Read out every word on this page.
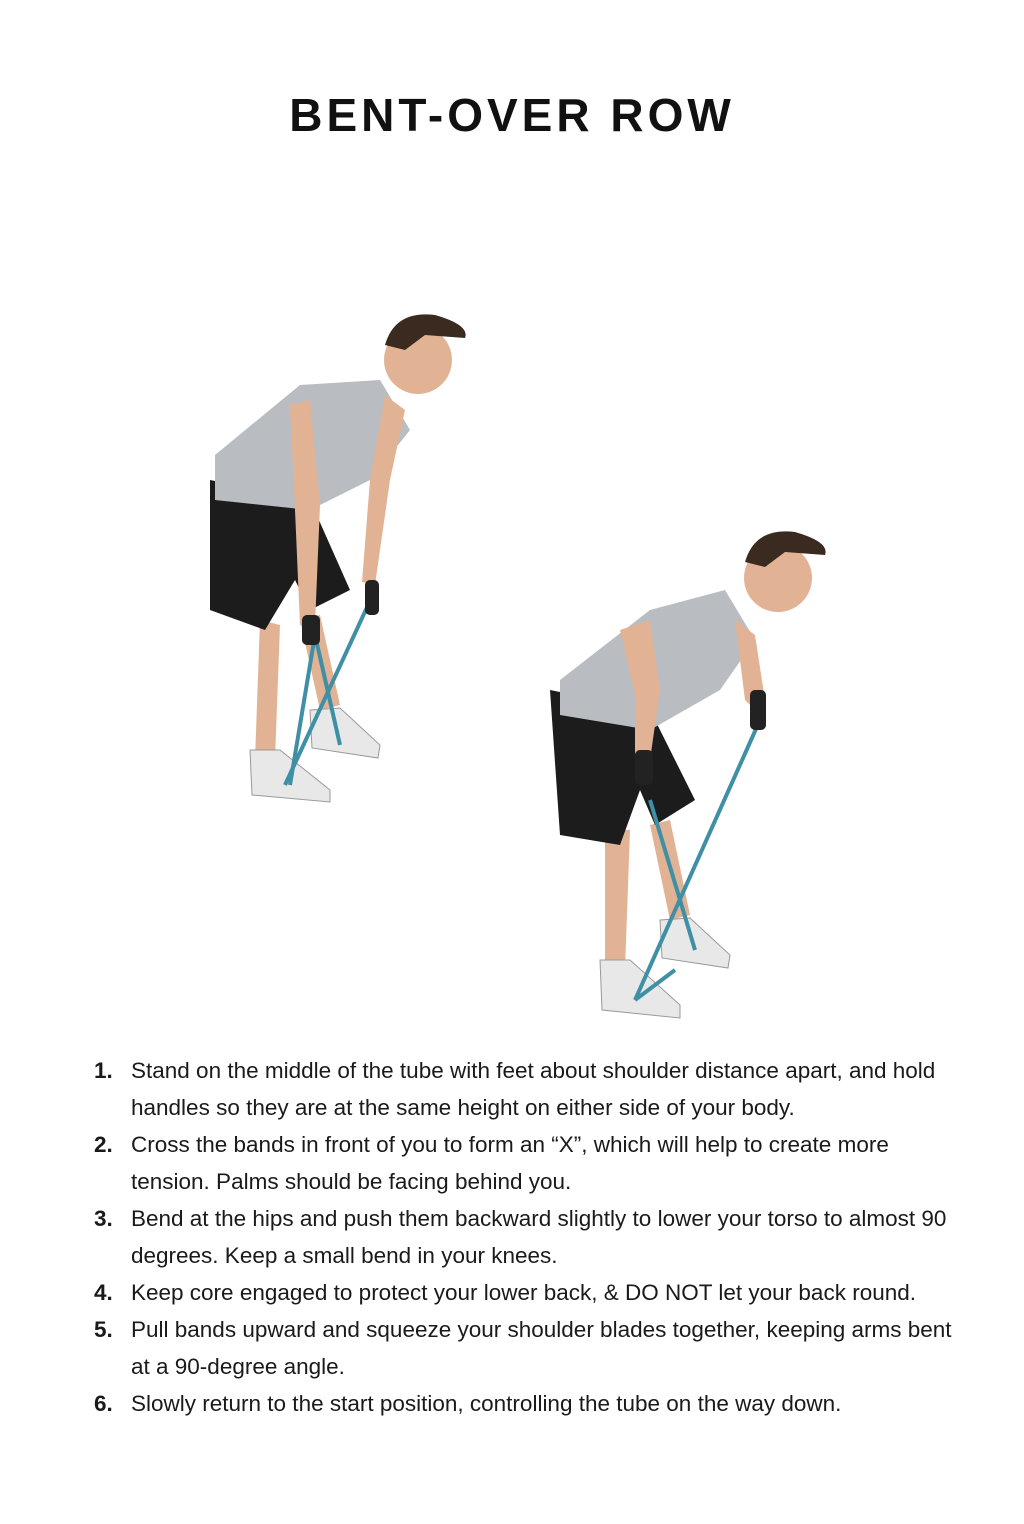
BENT-OVER ROW
1. Stand on the middle of the tube with feet about shoulder distance apart, and hold handles so they are at the same height on either side of your body.
2. Cross the bands in front of you to form an “X”, which will help to create more tension. Palms should be facing behind you.
3. Bend at the hips and push them backward slightly to lower your torso to almost 90 degrees. Keep a small bend in your knees.
4. Keep core engaged to protect your lower back, & DO NOT let your back round.
5. Pull bands upward and squeeze your shoulder blades together, keeping arms bent at a 90-degree angle.
6. Slowly return to the start position, controlling the tube on the way down.
